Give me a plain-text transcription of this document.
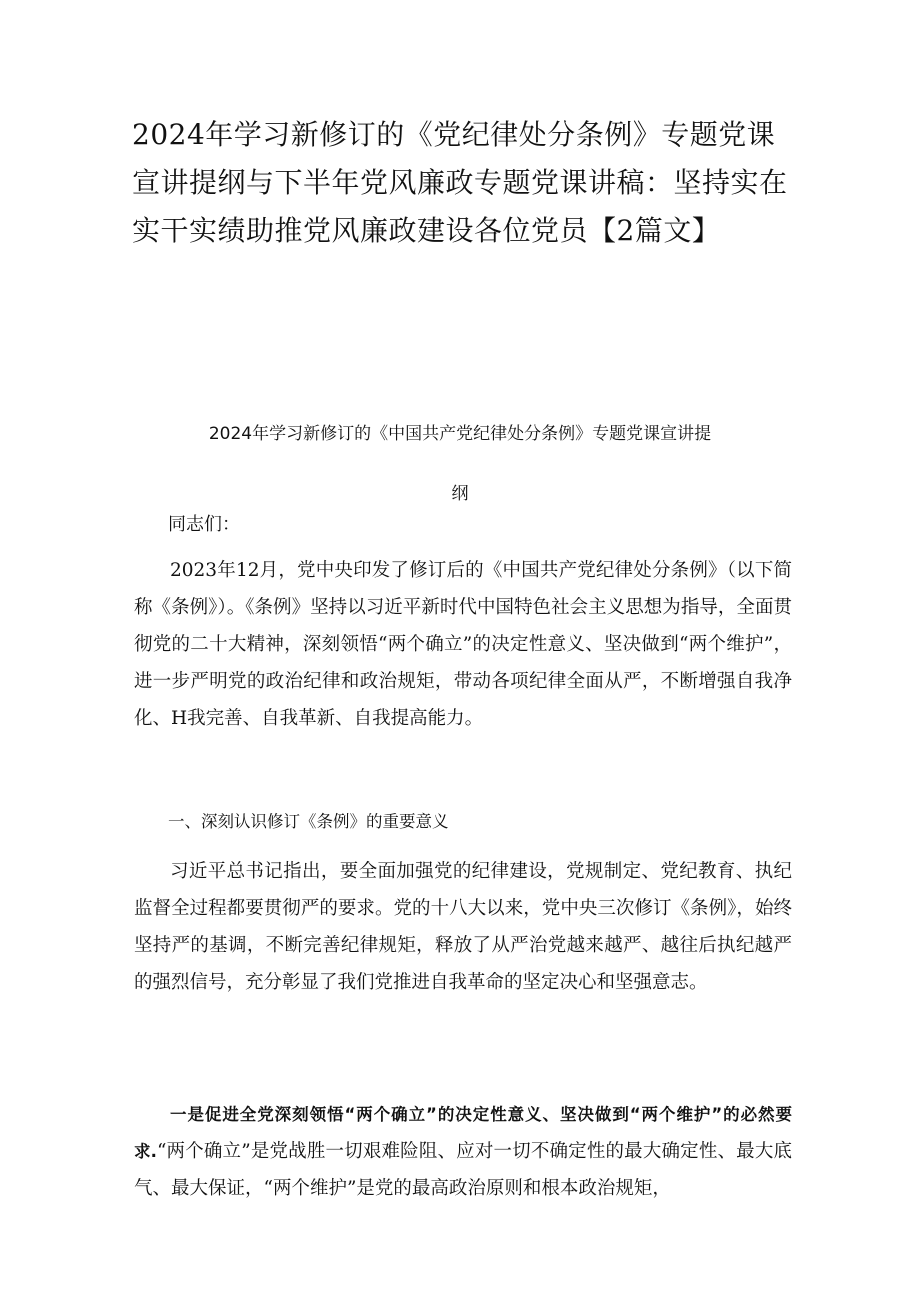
2024年学习新修订的《党纪律处分条例》专题党课宣讲提纲与下半年党风廉政专题党课讲稿：坚持实在实干实绩助推党风廉政建设各位党员【2篇文】
2024年学习新修订的《中国共产党纪律处分条例》专题党课宣讲提
纲

同志们：

2023年12月，党中央印发了修订后的《中国共产党纪律处分条例》（以下简称《条例》）。《条例》坚持以习近平新时代中国特色社会主义思想为指导，全面贯彻党的二十大精神，深刻领悟“两个确立”的决定性意义、坚决做到“两个维护”，进一步严明党的政治纪律和政治规矩，带动各项纪律全面从严，不断增强自我净化、H我完善、自我革新、自我提高能力。

一、深刻认识修订《条例》的重要意义

习近平总书记指出，要全面加强党的纪律建设，党规制定、党纪教育、执纪监督全过程都要贯彻严的要求。党的十八大以来，党中央三次修订《条例》，始终坚持严的基调，不断完善纪律规矩，释放了从严治党越来越严、越往后执纪越严的强烈信号，充分彰显了我们党推进自我革命的坚定决心和坚强意志。

一是促进全党深刻领悟“两个确立”的决定性意义、坚决做到“两个维护”的必然要求.“两个确立”是党战胜一切艰难险阻、应对一切不确定性的最大确定性、最大底气、最大保证，“两个维护”是党的最高政治原则和根本政治规矩，
